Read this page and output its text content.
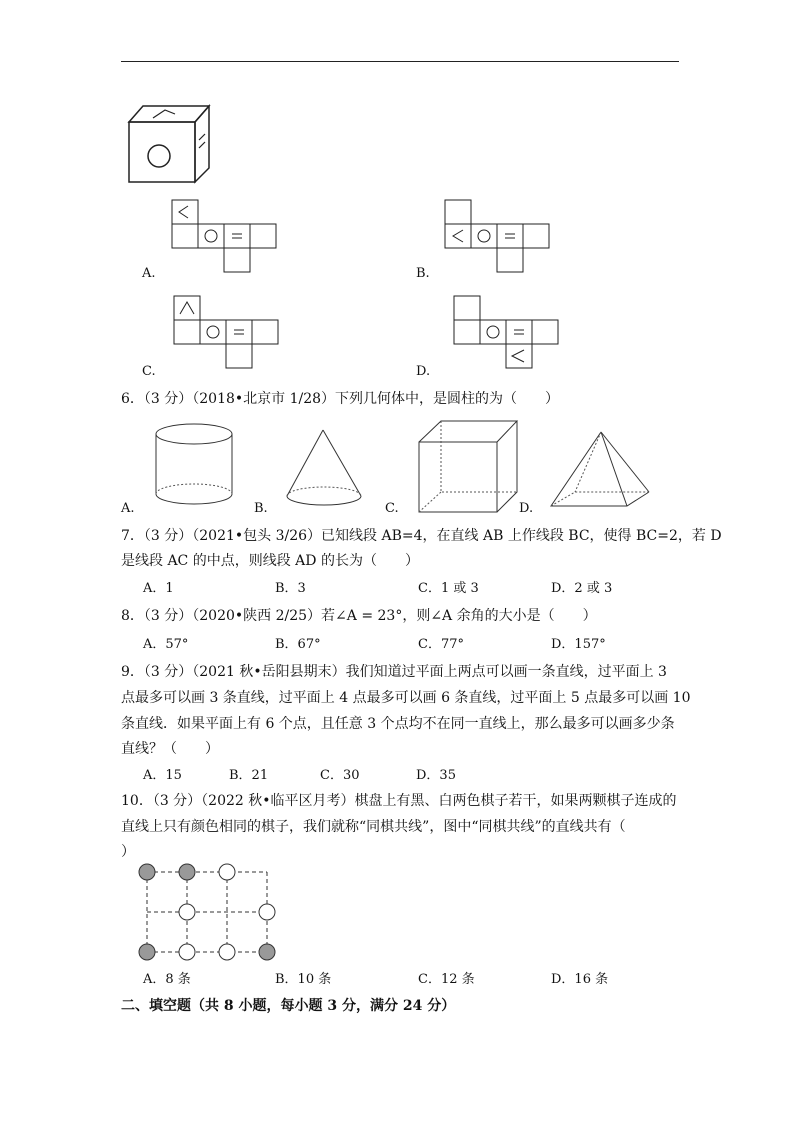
A.	B.
C.	D.
6．（3 分）（2018•北京市 1/28）下列几何体中，是圆柱的为（　　）
A.	B.	C.	D.
7．（3 分）（2021•包头 3/26）已知线段 AB=4，在直线 AB 上作线段 BC，使得 BC=2，若 D
是线段 AC 的中点，则线段 AD 的长为（　　）
A．1	B．3	C．1 或 3	D．2 或 3
8．（3 分）（2020•陕西 2/25）若∠A = 23°，则∠A 余角的大小是（　　）
A．57°	B．67°	C．77°	D．157°
9．（3 分）（2021 秋•岳阳县期末）我们知道过平面上两点可以画一条直线，过平面上 3
点最多可以画 3 条直线，过平面上 4 点最多可以画 6 条直线，过平面上 5 点最多可以画 10
条直线．如果平面上有 6 个点，且任意 3 个点均不在同一直线上，那么最多可以画多少条
直线？（　　）
A．15	B．21	C．30	D．35
10．（3 分）（2022 秋•临平区月考）棋盘上有黑、白两色棋子若干，如果两颗棋子连成的
直线上只有颜色相同的棋子，我们就称“同棋共线”，图中“同棋共线”的直线共有（
）
A．8 条	B．10 条	C．12 条	D．16 条
二、填空题（共 8 小题，每小题 3 分，满分 24 分）
